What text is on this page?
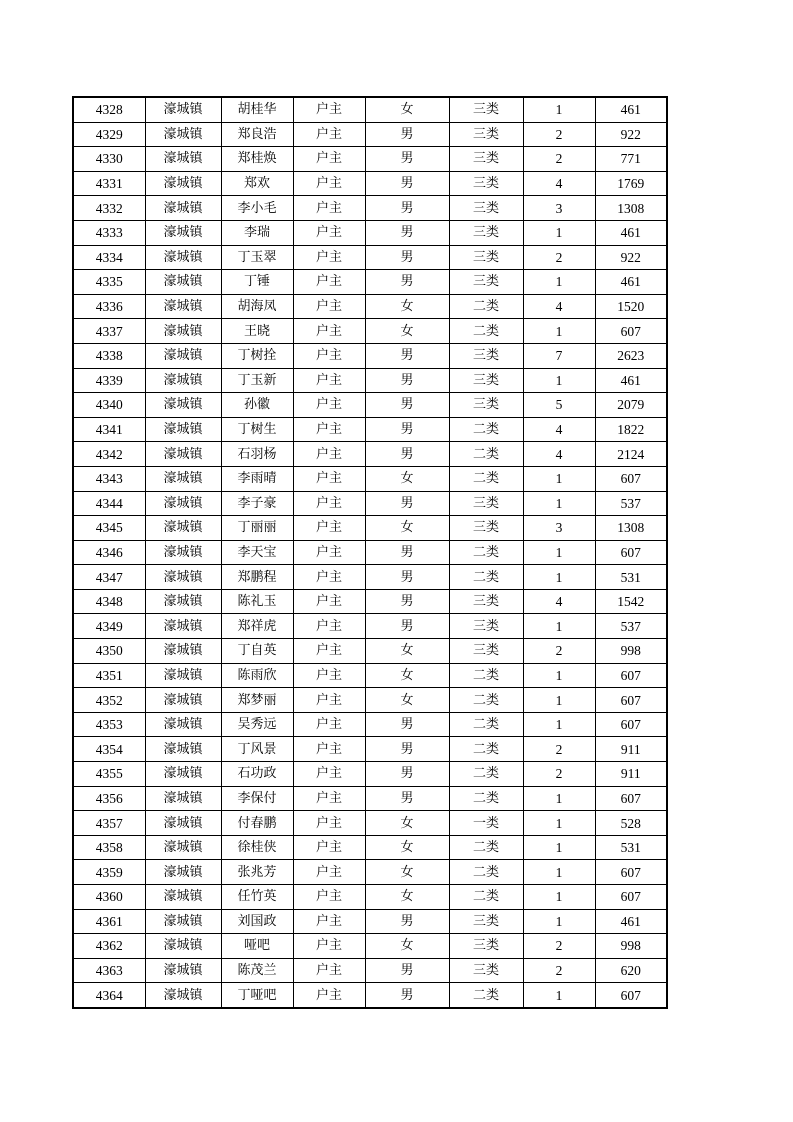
4328	濠城镇	胡桂华	户主	女	三类	1	461
4329	濠城镇	郑良浩	户主	男	三类	2	922
4330	濠城镇	郑桂焕	户主	男	三类	2	771
4331	濠城镇	郑欢	户主	男	三类	4	1769
4332	濠城镇	李小毛	户主	男	三类	3	1308
4333	濠城镇	李瑞	户主	男	三类	1	461
4334	濠城镇	丁玉翠	户主	男	三类	2	922
4335	濠城镇	丁锤	户主	男	三类	1	461
4336	濠城镇	胡海凤	户主	女	二类	4	1520
4337	濠城镇	王晓	户主	女	二类	1	607
4338	濠城镇	丁树拴	户主	男	三类	7	2623
4339	濠城镇	丁玉新	户主	男	三类	1	461
4340	濠城镇	孙徽	户主	男	三类	5	2079
4341	濠城镇	丁树生	户主	男	二类	4	1822
4342	濠城镇	石羽杨	户主	男	二类	4	2124
4343	濠城镇	李雨晴	户主	女	二类	1	607
4344	濠城镇	李子豪	户主	男	三类	1	537
4345	濠城镇	丁丽丽	户主	女	三类	3	1308
4346	濠城镇	李天宝	户主	男	二类	1	607
4347	濠城镇	郑鹏程	户主	男	二类	1	531
4348	濠城镇	陈礼玉	户主	男	三类	4	1542
4349	濠城镇	郑祥虎	户主	男	三类	1	537
4350	濠城镇	丁自英	户主	女	三类	2	998
4351	濠城镇	陈雨欣	户主	女	二类	1	607
4352	濠城镇	郑梦丽	户主	女	二类	1	607
4353	濠城镇	吴秀远	户主	男	二类	1	607
4354	濠城镇	丁风景	户主	男	二类	2	911
4355	濠城镇	石功政	户主	男	二类	2	911
4356	濠城镇	李保付	户主	男	二类	1	607
4357	濠城镇	付春鹏	户主	女	一类	1	528
4358	濠城镇	徐桂侠	户主	女	二类	1	531
4359	濠城镇	张兆芳	户主	女	二类	1	607
4360	濠城镇	任竹英	户主	女	二类	1	607
4361	濠城镇	刘国政	户主	男	三类	1	461
4362	濠城镇	哑吧	户主	女	三类	2	998
4363	濠城镇	陈茂兰	户主	男	三类	2	620
4364	濠城镇	丁哑吧	户主	男	二类	1	607
